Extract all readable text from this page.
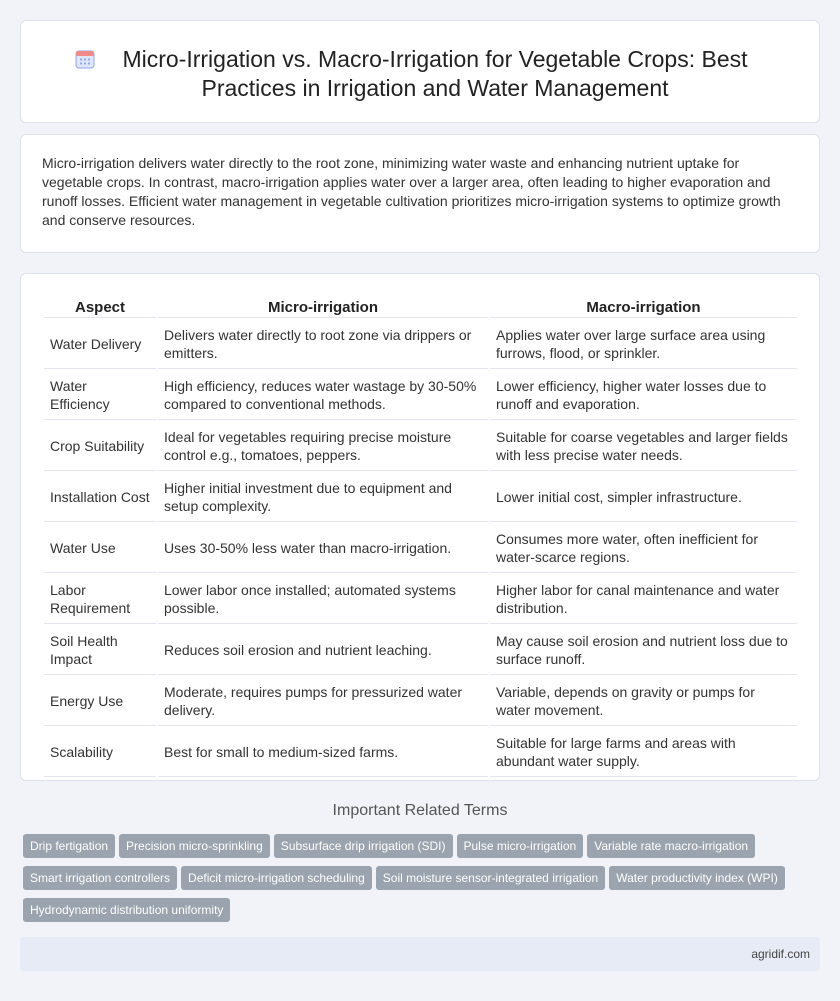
Micro-Irrigation vs. Macro-Irrigation for Vegetable Crops: Best Practices in Irrigation and Water Management

Micro-irrigation delivers water directly to the root zone, minimizing water waste and enhancing nutrient uptake for vegetable crops. In contrast, macro-irrigation applies water over a larger area, often leading to higher evaporation and runoff losses. Efficient water management in vegetable cultivation prioritizes micro-irrigation systems to optimize growth and conserve resources.

Aspect	Micro-irrigation	Macro-irrigation
Water Delivery	Delivers water directly to root zone via drippers or emitters.	Applies water over large surface area using furrows, flood, or sprinkler.
Water Efficiency	High efficiency, reduces water wastage by 30-50% compared to conventional methods.	Lower efficiency, higher water losses due to runoff and evaporation.
Crop Suitability	Ideal for vegetables requiring precise moisture control e.g., tomatoes, peppers.	Suitable for coarse vegetables and larger fields with less precise water needs.
Installation Cost	Higher initial investment due to equipment and setup complexity.	Lower initial cost, simpler infrastructure.
Water Use	Uses 30-50% less water than macro-irrigation.	Consumes more water, often inefficient for water-scarce regions.
Labor Requirement	Lower labor once installed; automated systems possible.	Higher labor for canal maintenance and water distribution.
Soil Health Impact	Reduces soil erosion and nutrient leaching.	May cause soil erosion and nutrient loss due to surface runoff.
Energy Use	Moderate, requires pumps for pressurized water delivery.	Variable, depends on gravity or pumps for water movement.
Scalability	Best for small to medium-sized farms.	Suitable for large farms and areas with abundant water supply.
Important Related Terms
Drip fertigation Precision micro-sprinkling Subsurface drip irrigation (SDI) Pulse micro-irrigation Variable rate macro-irrigationSmart irrigation controllers Deficit micro-irrigation scheduling Soil moisture sensor-integrated irrigation Water productivity index (WPI)Hydrodynamic distribution uniformity
agridif.com
